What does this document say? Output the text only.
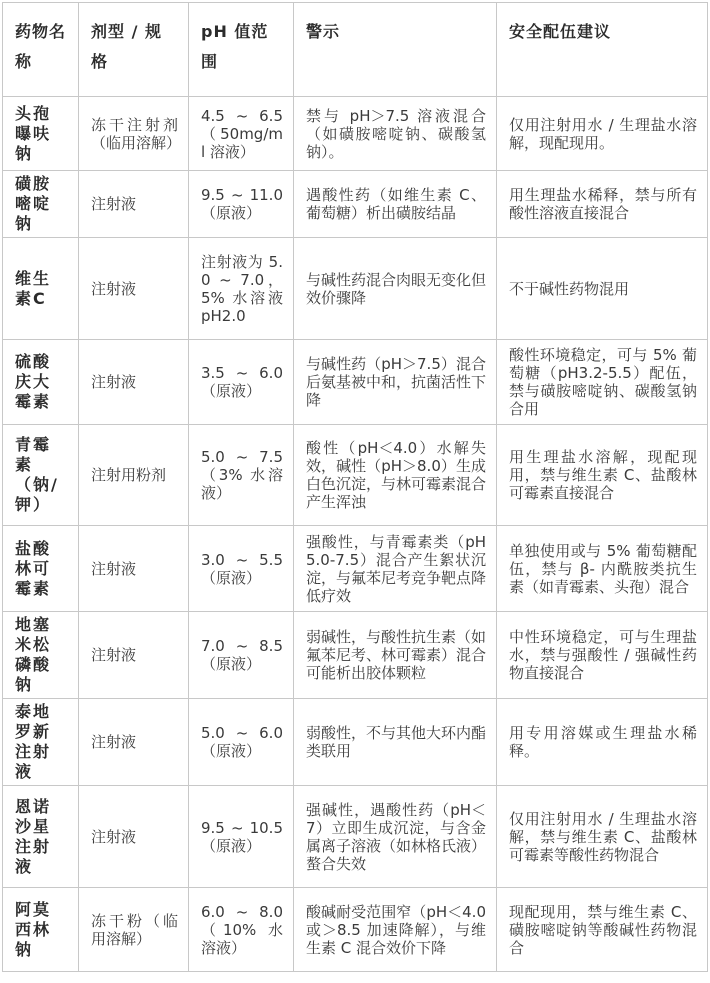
药物名称	剂型 / 规格	pH 值范围	警示	安全配伍建议
头孢曝呋钠	冻干注射剂（临用溶解）	4.5 ~ 6.5（50mg/ml 溶液）	禁与 pH＞7.5 溶液混合（如磺胺嘧啶钠、碳酸氢钠）。	仅用注射用水 / 生理盐水溶解，现配现用。
磺胺嘧啶钠	注射液	9.5 ~ 11.0（原液）	遇酸性药（如维生素 C、葡萄糖）析出磺胺结晶	用生理盐水稀释，禁与所有酸性溶液直接混合
维生素C	注射液	注射液为 5.0 ~ 7.0，5% 水溶液 pH2.0	与碱性药混合肉眼无变化但效价骤降	不于碱性药物混用
硫酸庆大霉素	注射液	3.5 ~ 6.0（原液）	与碱性药（pH＞7.5）混合后氨基被中和，抗菌活性下降	酸性环境稳定，可与 5% 葡萄糖（pH3.2-5.5）配伍，禁与磺胺嘧啶钠、碳酸氢钠合用
青霉素（钠/钾）	注射用粉剂	5.0 ~ 7.5（3% 水溶液）	酸性（pH＜4.0）水解失效，碱性（pH＞8.0）生成白色沉淀，与林可霉素混合产生浑浊	用生理盐水溶解，现配现用，禁与维生素 C、盐酸林可霉素直接混合
盐酸林可霉素	注射液	3.0 ~ 5.5（原液）	强酸性，与青霉素类（pH5.0-7.5）混合产生絮状沉淀，与氟苯尼考竞争靶点降低疗效	单独使用或与 5% 葡萄糖配伍，禁与 β- 内酰胺类抗生素（如青霉素、头孢）混合
地塞米松磷酸钠	注射液	7.0 ~ 8.5（原液）	弱碱性，与酸性抗生素（如氟苯尼考、林可霉素）混合可能析出胶体颗粒	中性环境稳定，可与生理盐水，禁与强酸性 / 强碱性药物直接混合
泰地罗新注射液	注射液	5.0 ~ 6.0（原液）	弱酸性，不与其他大环内酯类联用	用专用溶媒或生理盐水稀释。
恩诺沙星注射液	注射液	9.5 ~ 10.5（原液）	强碱性，遇酸性药（pH＜7）立即生成沉淀，与含金属离子溶液（如林格氏液）螯合失效	仅用注射用水 / 生理盐水溶解，禁与维生素 C、盐酸林可霉素等酸性药物混合
阿莫西林钠	冻干粉（临用溶解）	6.0 ~ 8.0（10% 水溶液）	酸碱耐受范围窄（pH＜4.0 或＞8.5 加速降解），与维生素 C 混合效价下降	现配现用，禁与维生素 C、磺胺嘧啶钠等酸碱性药物混合
